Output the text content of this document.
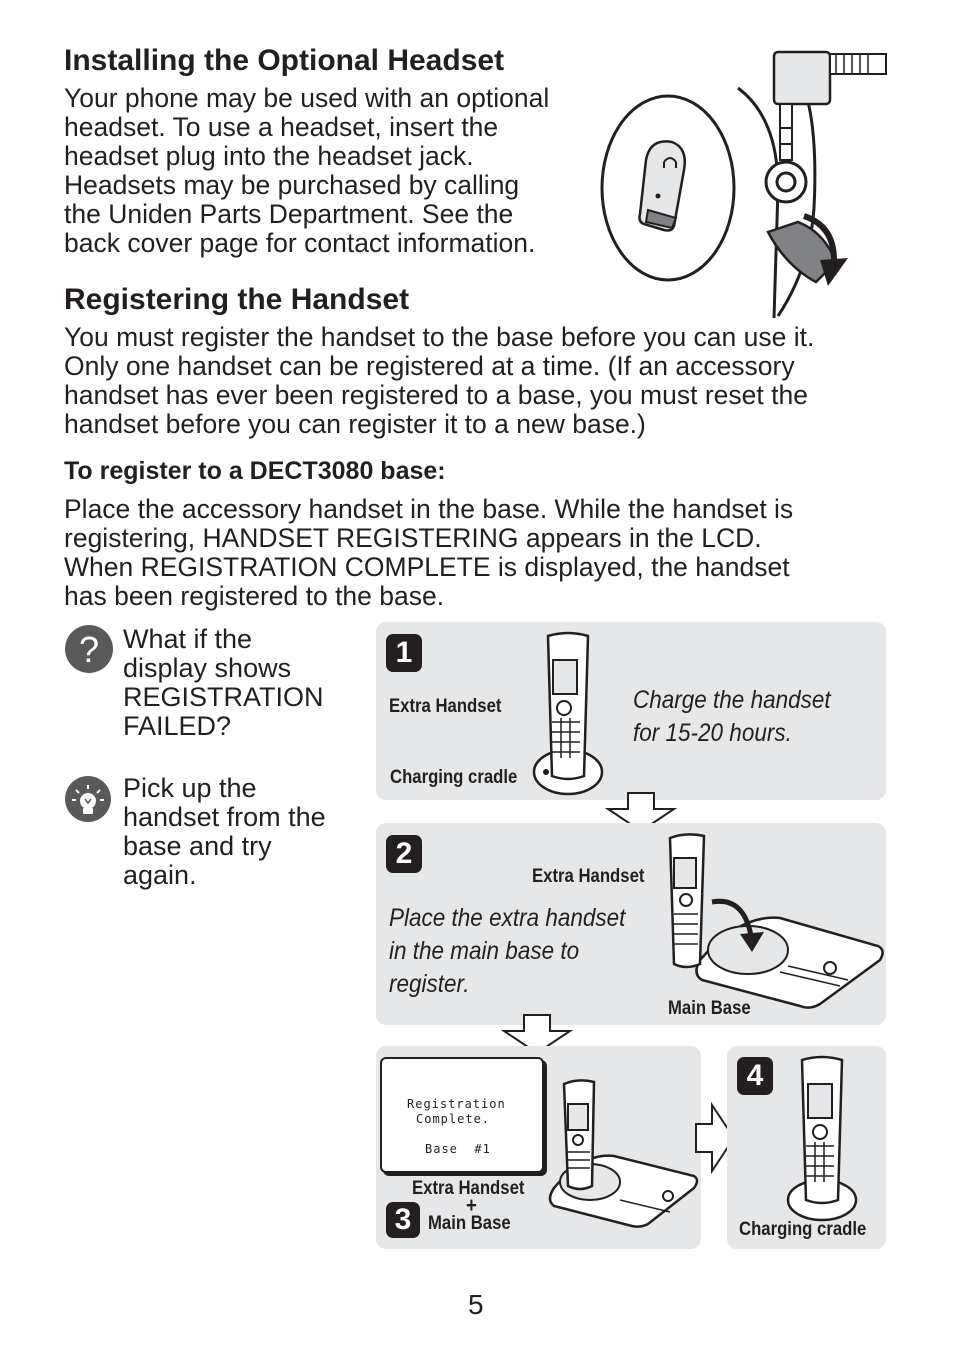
Installing the Optional Headset
Your phone may be used with an optional
headset. To use a headset, insert the
headset plug into the headset jack.
Headsets may be purchased by calling
the Uniden Parts Department. See the
back cover page for contact information.
Registering the Handset
You must register the handset to the base before you can use it.
Only one handset can be registered at a time. (If an accessory
handset has ever been registered to a base, you must reset the
handset before you can register it to a new base.)
To register to a DECT3080 base:
Place the accessory handset in the base. While the handset is
registering, HANDSET REGISTERING appears in the LCD.
When REGISTRATION COMPLETE is displayed, the handset
has been registered to the base.
? What if the
display shows
REGISTRATION
FAILED?
Pick up the
handset from the
base and try
again.
1
Extra Handset
Charging cradle
Charge the handset
for 15-20 hours.
2
Extra Handset
Place the extra handset
in the main base to
register.
Main Base
Registration
Complete.
Base  #1
Extra Handset
+
3 Main Base
4
Charging cradle
5
